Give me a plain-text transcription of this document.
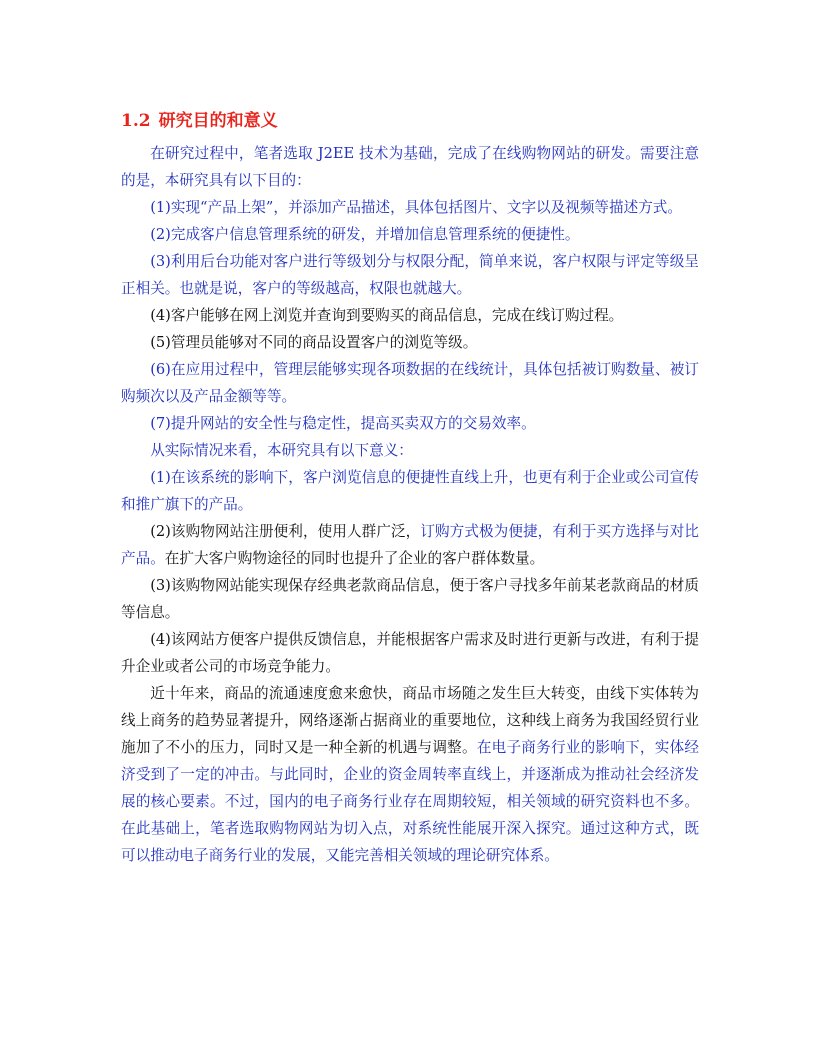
1.2 研究目的和意义

在研究过程中，笔者选取 J2EE 技术为基础，完成了在线购物网站的研发。需要注意的是，本研究具有以下目的：

(1)实现“产品上架”，并添加产品描述，具体包括图片、文字以及视频等描述方式。

(2)完成客户信息管理系统的研发，并增加信息管理系统的便捷性。

(3)利用后台功能对客户进行等级划分与权限分配，简单来说，客户权限与评定等级呈正相关。也就是说，客户的等级越高，权限也就越大。

(4)客户能够在网上浏览并查询到要购买的商品信息，完成在线订购过程。

(5)管理员能够对不同的商品设置客户的浏览等级。

(6)在应用过程中，管理层能够实现各项数据的在线统计，具体包括被订购数量、被订购频次以及产品金额等等。

(7)提升网站的安全性与稳定性，提高买卖双方的交易效率。

从实际情况来看，本研究具有以下意义：

(1)在该系统的影响下，客户浏览信息的便捷性直线上升，也更有利于企业或公司宣传和推广旗下的产品。

(2)该购物网站注册便利，使用人群广泛，订购方式极为便捷，有利于买方选择与对比产品。在扩大客户购物途径的同时也提升了企业的客户群体数量。

(3)该购物网站能实现保存经典老款商品信息，便于客户寻找多年前某老款商品的材质等信息。

(4)该网站方便客户提供反馈信息，并能根据客户需求及时进行更新与改进，有利于提升企业或者公司的市场竞争能力。

近十年来，商品的流通速度愈来愈快，商品市场随之发生巨大转变，由线下实体转为线上商务的趋势显著提升，网络逐渐占据商业的重要地位，这种线上商务为我国经贸行业施加了不小的压力，同时又是一种全新的机遇与调整。在电子商务行业的影响下，实体经济受到了一定的冲击。与此同时，企业的资金周转率直线上，并逐渐成为推动社会经济发展的核心要素。不过，国内的电子商务行业存在周期较短，相关领域的研究资料也不多。在此基础上，笔者选取购物网站为切入点，对系统性能展开深入探究。通过这种方式，既可以推动电子商务行业的发展，又能完善相关领域的理论研究体系。
